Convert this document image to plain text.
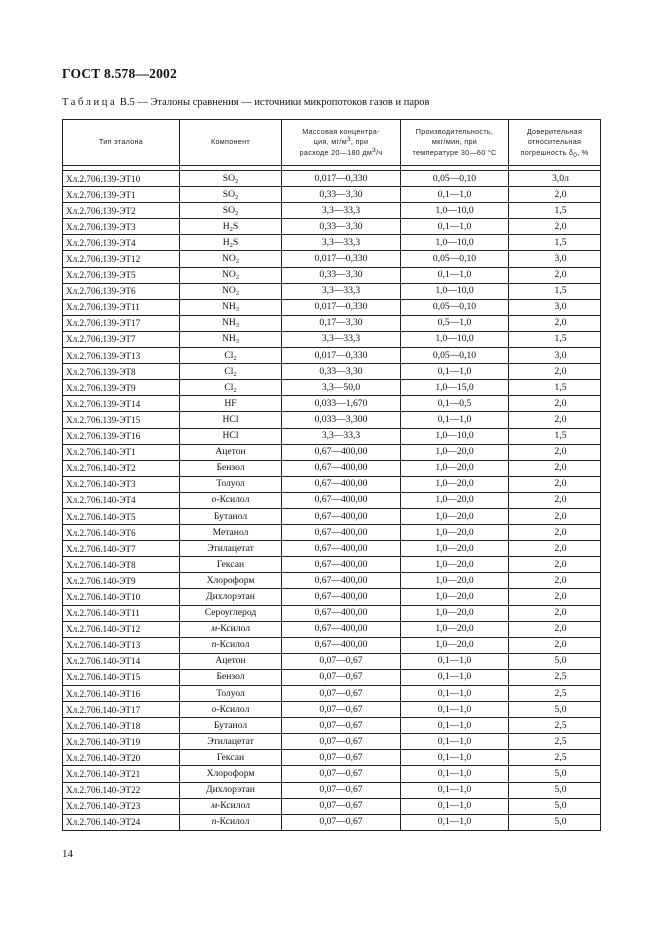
ГОСТ 8.578—2002
Таблица В.5 — Эталоны сравнения — источники микропотоков газов и паров
Тип эталона	Компонент	Массовая концентра-
ция, $мг/м^3$, при
расходе 20—180 $дм^3/ч$	Производительность,
мкг/мин, при
температуре 30—60 °С	Доверительная
относительная
погрешность $\delta_0$, %

Хл.2.706.139-ЭТ10	$SO_2$	0,017—0,330	0,05—0,10	3,0л
Хл.2.706.139-ЭТ1	$SO_2$	0,33—3,30	0,1—1,0	2,0
Хл.2.706.139-ЭТ2	$SO_2$	3,3—33,3	1,0—10,0	1,5
Хл.2.706.139-ЭТ3	$H_2S$	0,33—3,30	0,1—1,0	2,0
Хл.2.706.139-ЭТ4	$H_2S$	3,3—33,3	1,0—10,0	1,5
Хл.2.706.139-ЭТ12	$NO_2$	0,017—0,330	0,05—0,10	3,0
Хл.2.706.139-ЭТ5	$NO_2$	0,33—3,30	0,1—1,0	2,0
Хл.2.706.139-ЭТ6	$NO_2$	3,3—33,3	1,0—10,0	1,5
Хл.2.706.139-ЭТ11	$NH_3$	0,017—0,330	0,05—0,10	3,0
Хл.2.706.139-ЭТ17	$NH_3$	0,17—3,30	0,5—1,0	2,0
Хл.2.706.139-ЭТ7	$NH_3$	3,3—33,3	1,0—10,0	1,5
Хл.2.706.139-ЭТ13	$Cl_2$	0,017—0,330	0,05—0,10	3,0
Хл.2.706.139-ЭТ8	$Cl_2$	0,33—3,30	0,1—1,0	2,0
Хл.2.706.139-ЭТ9	$Cl_2$	3,3—50,0	1,0—15,0	1,5
Хл.2.706.139-ЭТ14	HF	0,033—1,670	0,1—0,5	2,0
Хл.2.706.139-ЭТ15	HCl	0,033—3,300	0,1—1,0	2,0
Хл.2.706.139-ЭТ16	HCl	3,3—33,3	1,0—10,0	1,5
Хл.2.706.140-ЭТ1	Ацетон	0,67—400,00	1,0—20,0	2,0
Хл.2.706.140-ЭТ2	Бензол	0,67—400,00	1,0—20,0	2,0
Хл.2.706.140-ЭТ3	Толуол	0,67—400,00	1,0—20,0	2,0
Хл.2.706.140-ЭТ4	о-Ксилол	0,67—400,00	1,0—20,0	2,0
Хл.2.706.140-ЭТ5	Бутанол	0,67—400,00	1,0—20,0	2,0
Хл.2.706.140-ЭТ6	Метанол	0,67—400,00	1,0—20,0	2,0
Хл.2.706.140-ЭТ7	Этилацетат	0,67—400,00	1,0—20,0	2,0
Хл.2.706.140-ЭТ8	Гексан	0,67—400,00	1,0—20,0	2,0
Хл.2.706.140-ЭТ9	Хлороформ	0,67—400,00	1,0—20,0	2,0
Хл.2.706.140-ЭТ10	Дихлорэтан	0,67—400,00	1,0—20,0	2,0
Хл.2.706.140-ЭТ11	Сероуглерод	0,67—400,00	1,0—20,0	2,0
Хл.2.706.140-ЭТ12	м-Ксилол	0,67—400,00	1,0—20,0	2,0
Хл.2.706.140-ЭТ13	п-Ксилол	0,67—400,00	1,0—20,0	2,0
Хл.2.706.140-ЭТ14	Ацетон	0,07—0,67	0,1—1,0	5,0
Хл.2.706.140-ЭТ15	Бензол	0,07—0,67	0,1—1,0	2,5
Хл.2.706.140-ЭТ16	Толуол	0,07—0,67	0,1—1,0	2,5
Хл.2.706.140-ЭТ17	о-Ксилол	0,07—0,67	0,1—1,0	5,0
Хл.2.706.140-ЭТ18	Бутанол	0,07—0,67	0,1—1,0	2,5
Хл.2.706.140-ЭТ19	Этилацетат	0,07—0,67	0,1—1,0	2,5
Хл.2.706.140-ЭТ20	Гексан	0,07—0,67	0,1—1,0	2,5
Хл.2.706.140-ЭТ21	Хлороформ	0,07—0,67	0,1—1,0	5,0
Хл.2.706.140-ЭТ22	Дихлорэтан	0,07—0,67	0,1—1,0	5,0
Хл.2.706.140-ЭТ23	м-Ксилол	0,07—0,67	0,1—1,0	5,0
Хл.2.706.140-ЭТ24	п-Ксилол	0,07—0,67	0,1—1,0	5,0
14
